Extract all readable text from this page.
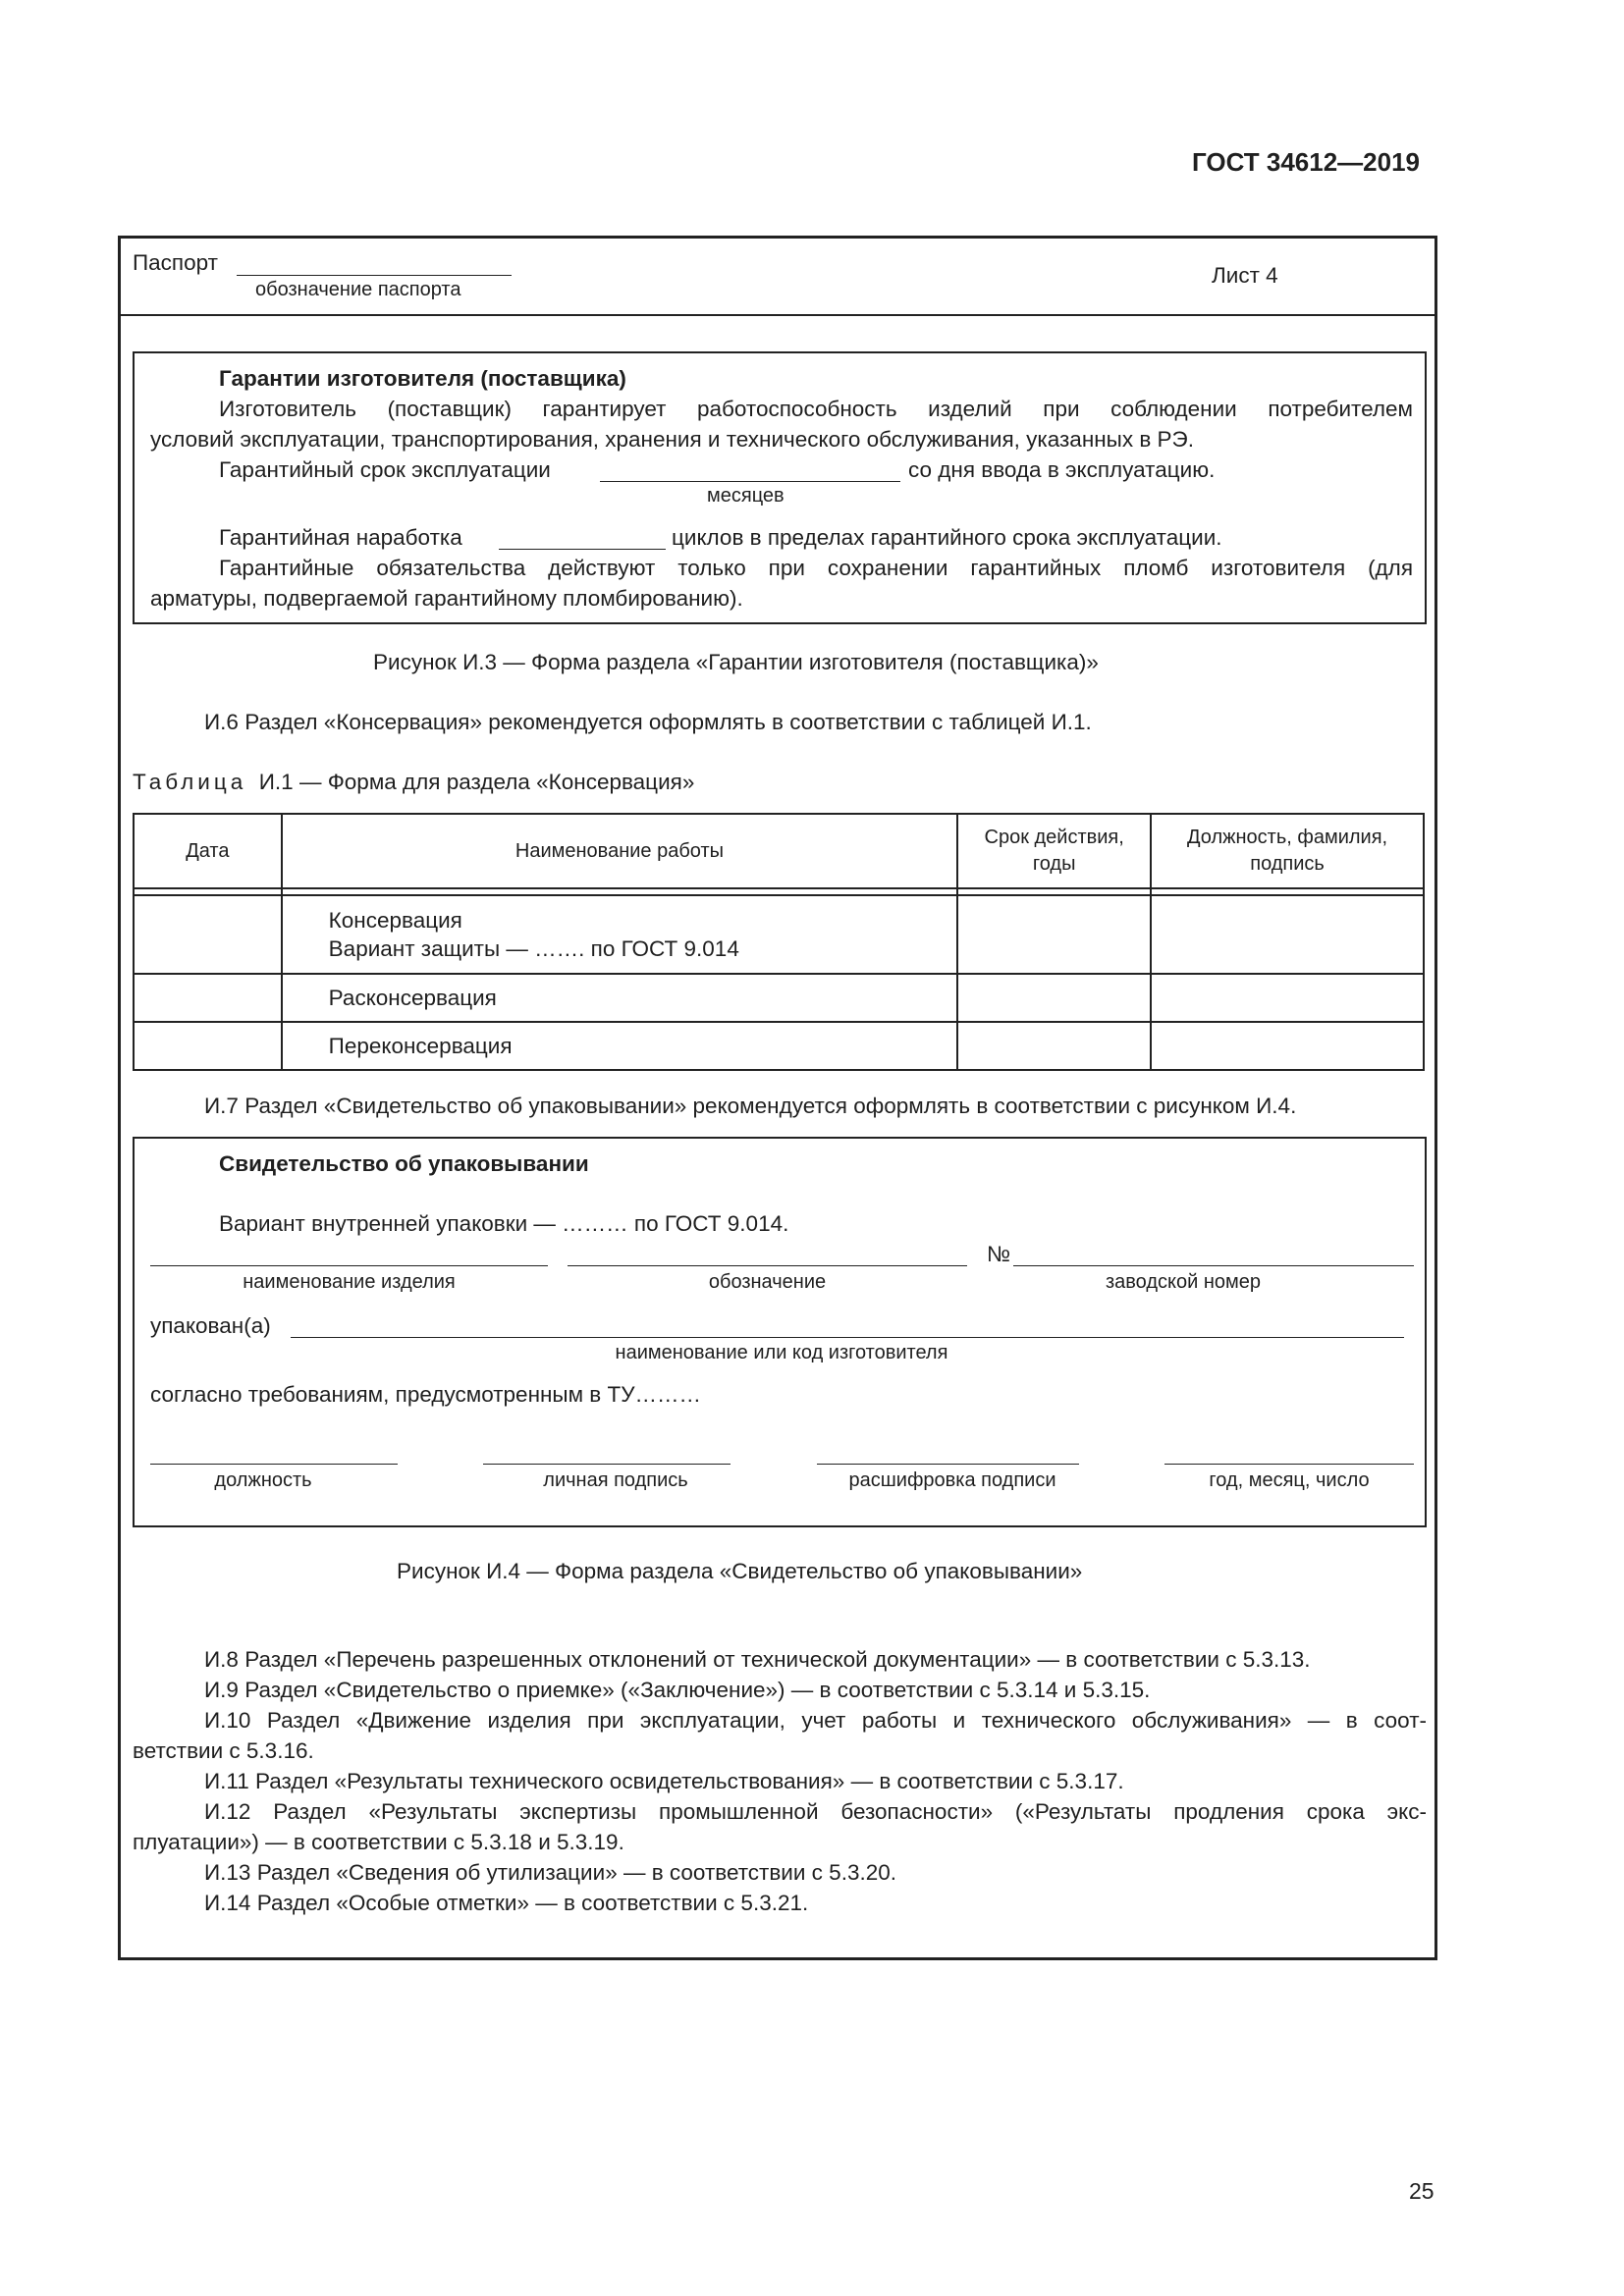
ГОСТ 34612—2019
Паспорт
обозначение паспорта
Лист 4
Гарантии изготовителя (поставщика)
Изготовитель (поставщик) гарантирует работоспособность изделий при соблюдении потребителем
условий эксплуатации, транспортирования, хранения и технического обслуживания, указанных в РЭ.
Гарантийный срок эксплуатации	со дня ввода в эксплуатацию.
месяцев
Гарантийная наработка	циклов в пределах гарантийного срока эксплуатации.
Гарантийные обязательства действуют только при сохранении гарантийных пломб изготовителя (для
арматуры, подвергаемой гарантийному пломбированию).
Рисунок И.3 — Форма раздела «Гарантии изготовителя (поставщика)»
И.6 Раздел «Консервация» рекомендуется оформлять в соответствии с таблицей И.1.
Таблица И.1 — Форма для раздела «Консервация»
Дата	Наименование работы	Срок действия, годы	Должность, фамилия, подпись

	Консервация
Вариант защиты — ……. по ГОСТ 9.014		

	Расконсервация		
	Переконсервация		
И.7 Раздел «Свидетельство об упаковывании» рекомендуется оформлять в соответствии с рисунком И.4.
Свидетельство об упаковывании
Вариант внутренней упаковки — ……… по ГОСТ 9.014.
№
наименование изделия	обозначение	заводской номер
упакован(а)
наименование или код изготовителя
согласно требованиям, предусмотренным в ТУ………
должность	личная подпись	расшифровка подписи	год, месяц, число
Рисунок И.4 — Форма раздела «Свидетельство об упаковывании»
И.8 Раздел «Перечень разрешенных отклонений от технической документации» — в соответствии с 5.3.13.
И.9 Раздел «Свидетельство о приемке» («Заключение») — в соответствии с 5.3.14 и 5.3.15.
И.10 Раздел «Движение изделия при эксплуатации, учет работы и технического обслуживания» — в соот-
ветствии с 5.3.16.
И.11 Раздел «Результаты технического освидетельствования» — в соответствии с 5.3.17.
И.12 Раздел «Результаты экспертизы промышленной безопасности» («Результаты продления срока экс-
плуатации») — в соответствии с 5.3.18 и 5.3.19.
И.13 Раздел «Сведения об утилизации» — в соответствии с 5.3.20.
И.14 Раздел «Особые отметки» — в соответствии с 5.3.21.
25
